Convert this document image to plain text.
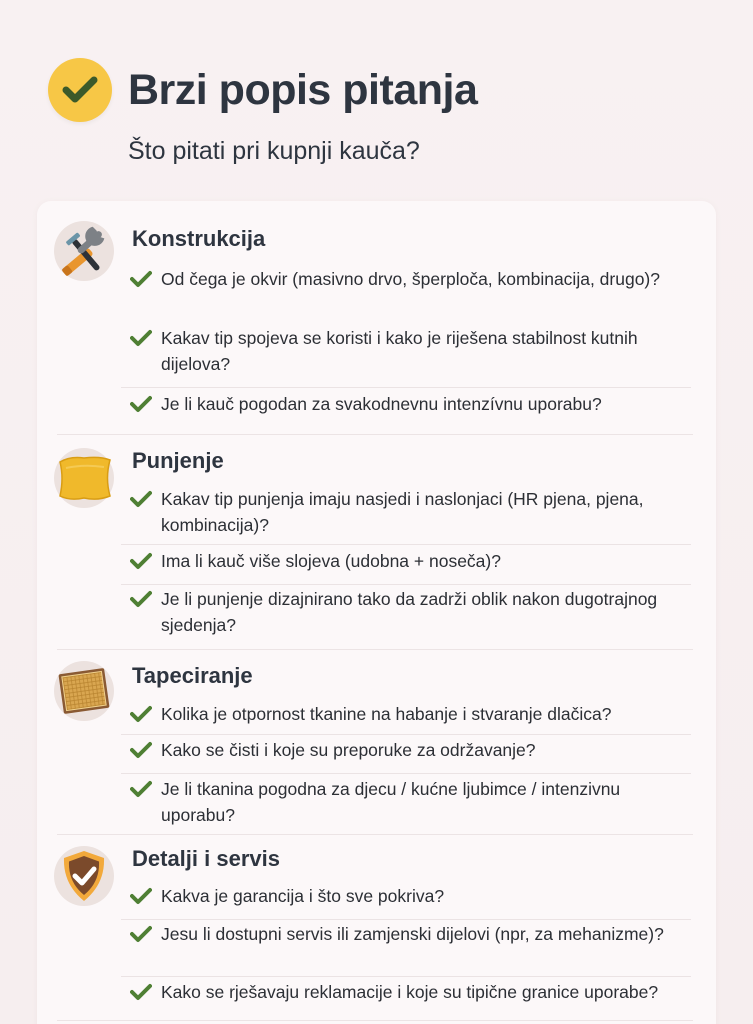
Brzi popis pitanja
Što pitati pri kupnji kauča?
Konstrukcija
Od čega je okvir (masivno drvo, šperploča, kombinacija, drugo)?
Kakav tip spojeva se koristi i kako je riješena stabilnost kutnih dijelova?
Je li kauč pogodan za svakodnevnu intenzívnu uporabu?
Punjenje
Kakav tip punjenja imaju nasjedi i naslonjaci (HR pjena, pjena, kombinacija)?
Ima li kauč više slojeva (udobna + noseča)?
Je li punjenje dizajnirano tako da zadrži oblik nakon dugotrajnog sjedenja?
Tapeciranje
Kolika je otpornost tkanine na habanje i stvaranje dlačica?
Kako se čisti i koje su preporuke za održavanje?
Je li tkanina pogodna za djecu / kućne ljubimce / intenzivnu uporabu?
Detalji i servis
Kakva je garancija i što sve pokriva?
Jesu li dostupni servis ili zamjenski dijelovi (npr, za mehanizme)?
Kako se rješavaju reklamacije i koje su tipične granice uporabe?
